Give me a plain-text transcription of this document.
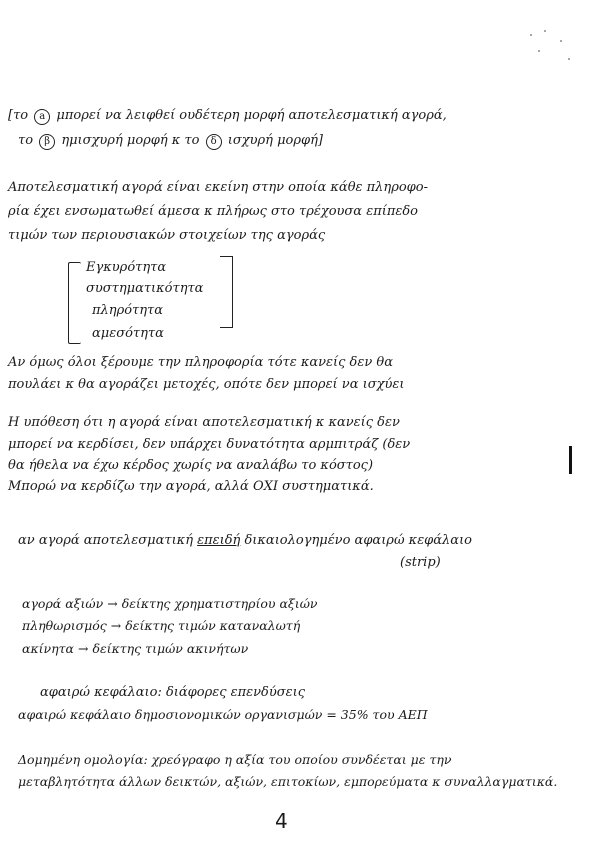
[το a μπορεί να λειφθεί ουδέτερη μορφή αποτελεσματική αγορά,
το β ημισχυρή μορφή κ το δ ισχυρή μορφή]
Αποτελεσματική αγορά είναι εκείνη στην οποία κάθε πληροφο-
ρία έχει ενσωματωθεί άμεσα κ πλήρως στο τρέχουσα επίπεδο
τιμών των περιουσιακών στοιχείων της αγοράς
Εγκυρότητα
συστηματικότητα
πληρότητα
αμεσότητα
Αν όμως όλοι ξέρουμε την πληροφορία τότε κανείς δεν θα
πουλάει κ θα αγοράζει μετοχές, οπότε δεν μπορεί να ισχύει
Η υπόθεση ότι η αγορά είναι αποτελεσματική κ κανείς δεν
μπορεί να κερδίσει, δεν υπάρχει δυνατότητα αρμπιτράζ (δεν
θα ήθελα να έχω κέρδος χωρίς να αναλάβω το κόστος)
Μπορώ να κερδίζω την αγορά, αλλά ΟΧΙ συστηματικά.
αν αγορά αποτελεσματική επειδή δικαιολογημένο αφαιρώ κεφάλαιο
(strip)
αγορά αξιών → δείκτης χρηματιστηρίου αξιών
πληθωρισμός → δείκτης τιμών καταναλωτή
ακίνητα → δείκτης τιμών ακινήτων
αφαιρώ κεφάλαιο: διάφορες επενδύσεις
αφαιρώ κεφάλαιο δημοσιονομικών οργανισμών = 35% του ΑΕΠ
Δομημένη ομολογία: χρεόγραφο η αξία του οποίου συνδέεται με την
μεταβλητότητα άλλων δεικτών, αξιών, επιτοκίων, εμπορεύματα κ συναλλαγματικά.
4
